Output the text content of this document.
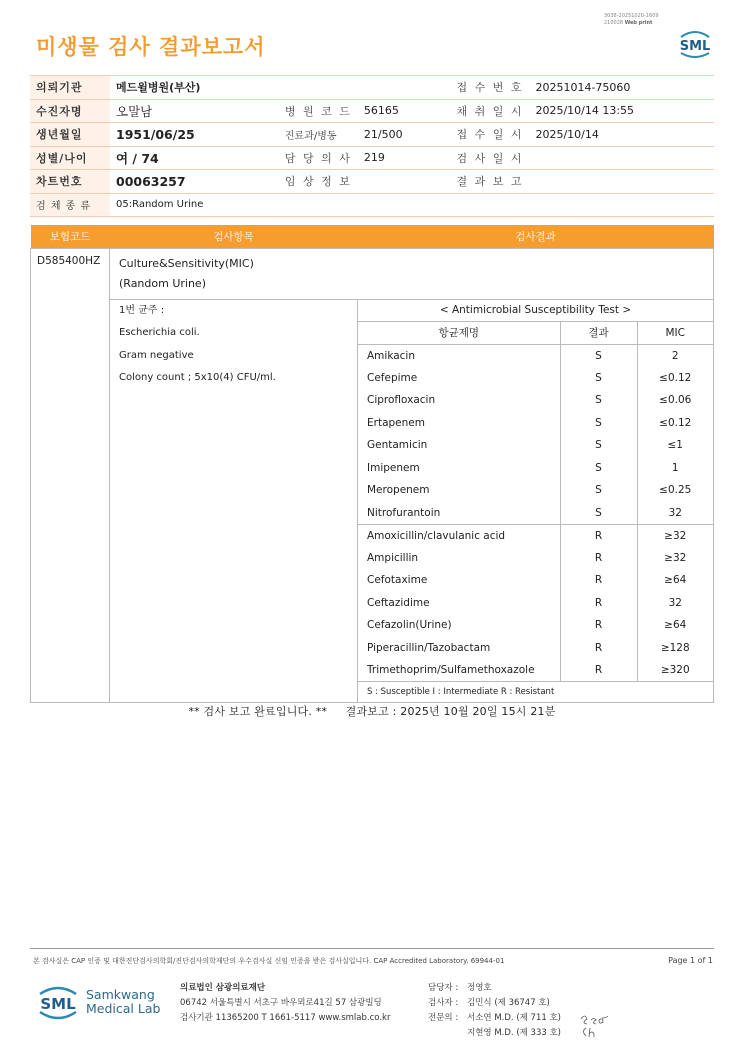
3038-20251020-1609
210028 Web print
미생물 검사 결과보고서	SML
의뢰기관	메드윌병원(부산)			접 수 번 호	20251014-75060
수진자명	오말남	병 원 코 드	56165	채 취 일 시	2025/10/14 13:55
생년월일	1951/06/25	진료과/병동	21/500	접 수 일 시	2025/10/14
성별/나이	여 / 74	담 당 의 사	219	검 사 일 시	
차트번호	00063257	임 상 정 보		결 과 보 고	
검 체 종 류	05:Random Urine				
보험코드	검사항목	검사결과
D585400HZ	Culture&Sensitivity(MIC)
(Random Urine)

1번 균주 :
Escherichia coli.
Gram negative
Colony count ; 5x10(4) CFU/ml.

< Antimicrobial Susceptibility Test >
항균제명	결과	MIC
Amikacin	S	2
Cefepime	S	≤0.12
Ciprofloxacin	S	≤0.06
Ertapenem	S	≤0.12
Gentamicin	S	≤1
Imipenem	S	1
Meropenem	S	≤0.25
Nitrofurantoin	S	32
Amoxicillin/clavulanic acid	R	≥32
Ampicillin	R	≥32
Cefotaxime	R	≥64
Ceftazidime	R	32
Cefazolin(Urine)	R	≥64
Piperacillin/Tazobactam	R	≥128
Trimethoprim/Sulfamethoxazole	R	≥320
S : Susceptible I : Intermediate R : Resistant
** 검사 보고 완료입니다. **     결과보고 : 2025년 10월 20일 15시 21분
본 검사실은 CAP 인증 및 대한진단검사의학회/진단검사의학재단의 우수검사실 신임 인증을 받은 검사실입니다. CAP Accredited Laboratory. 69944-01	Page 1 of 1
SML
Samkwang
Medical Lab
의료법인 삼광의료재단
06742 서울특별시 서초구 바우뫼로41길 57 삼광빌딩
검사기관 11365200 T 1661-5117 www.smlab.co.kr
담당자 :	정영호
검사자 :	김민식 (제 36747 호)
전문의 :	서소연 M.D. (제 711 호)
지현영 M.D. (제 333 호)
